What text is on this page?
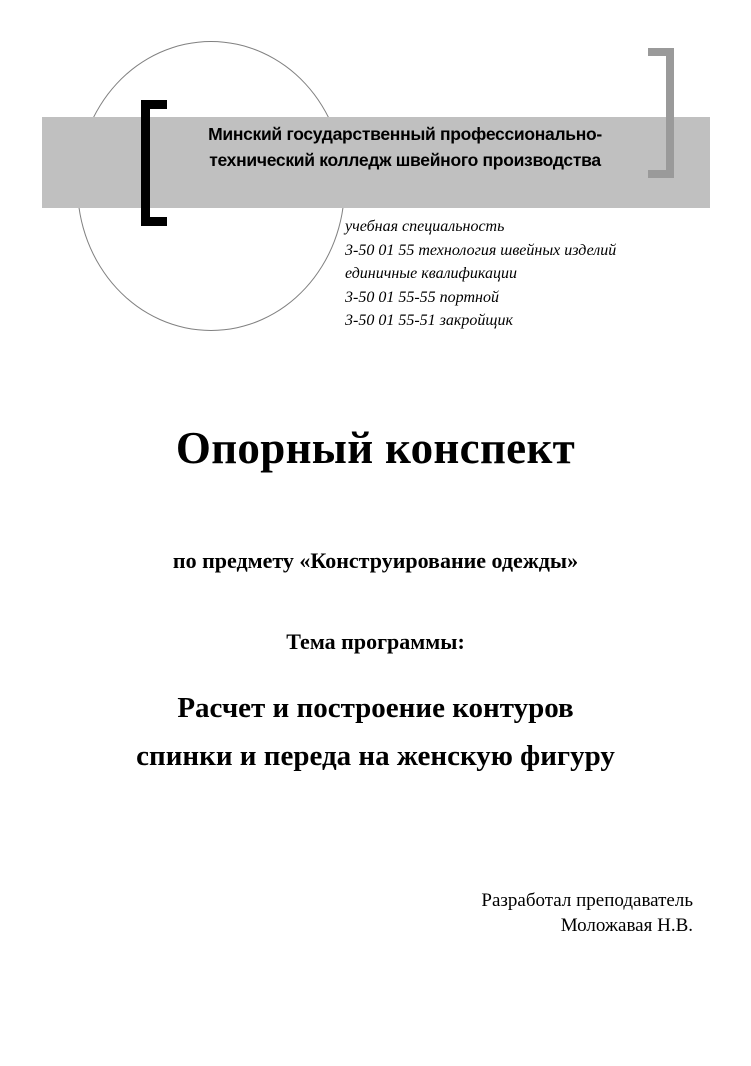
Минский государственный профессионально-
технический колледж швейного производства
учебная специальность
3-50 01 55 технология швейных изделий
единичные квалификации
3-50 01 55-55 портной
3-50 01 55-51 закройщик
Опорный конспект
по предмету «Конструирование одежды»
Тема программы:
Расчет и построение контуров
спинки и переда на женскую фигуру
Разработал преподаватель
Моложавая Н.В.
